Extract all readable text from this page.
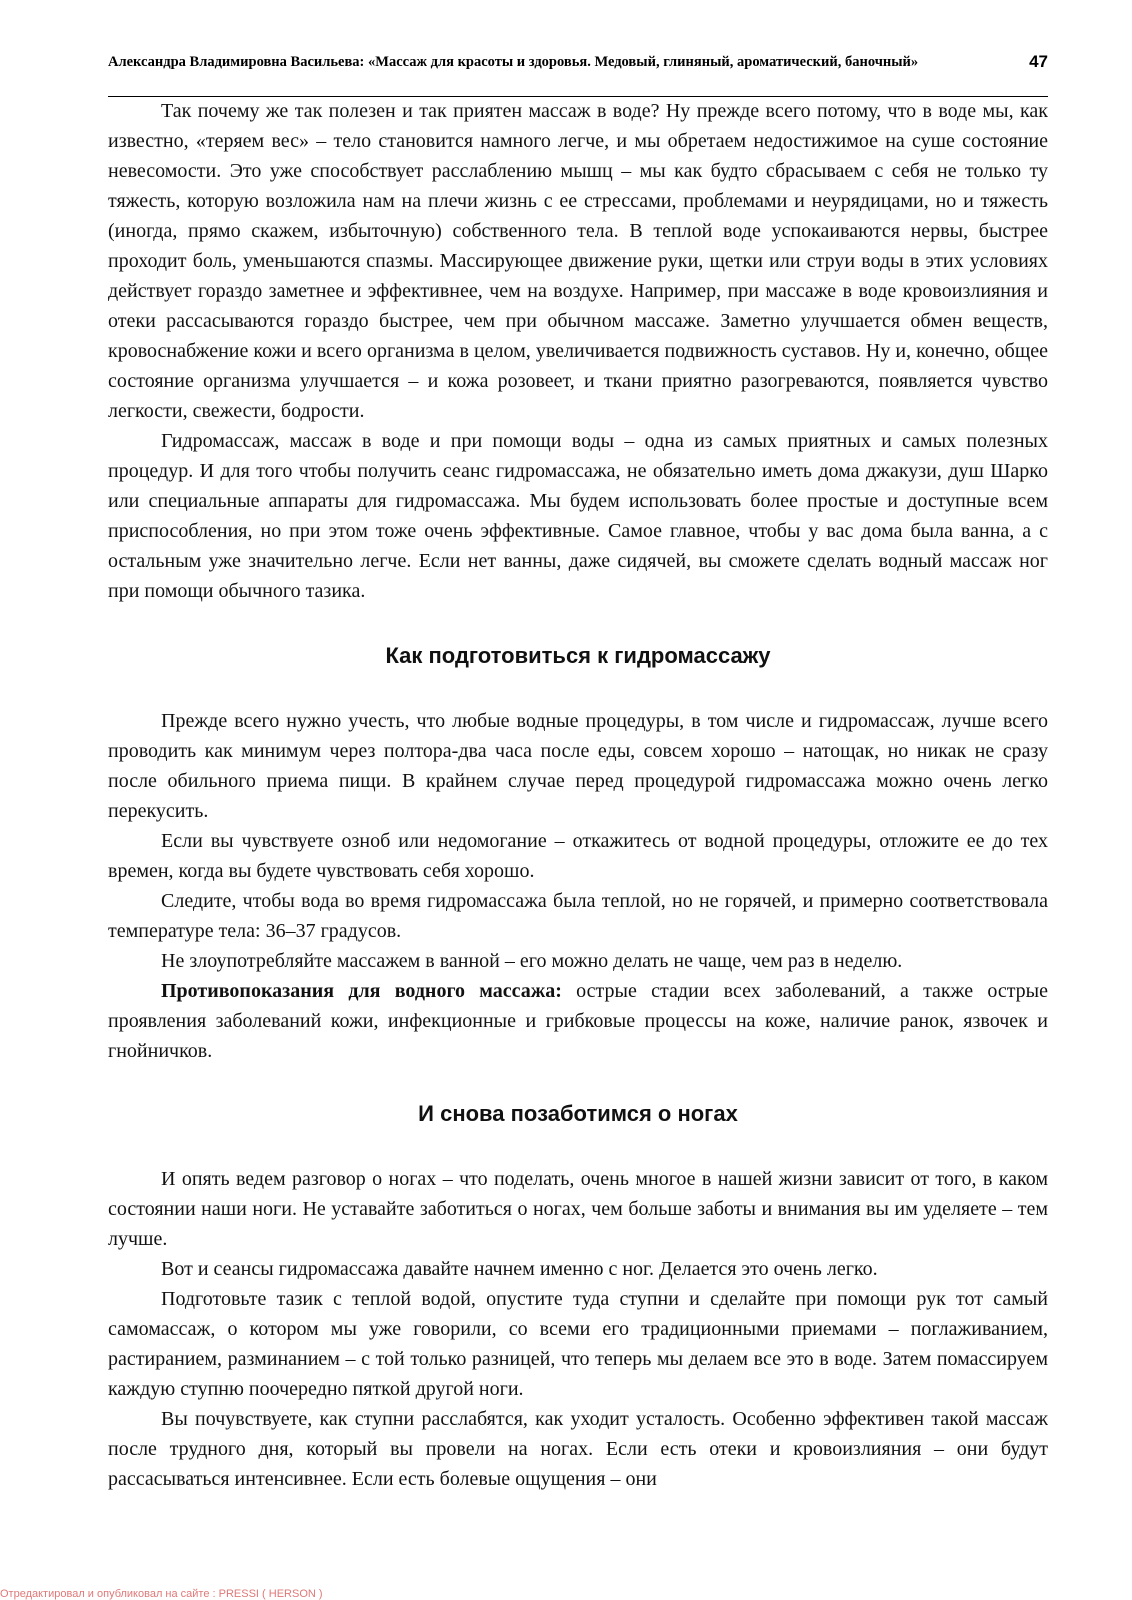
Александра Владимировна Васильева: «Массаж для красоты и здоровья. Медовый, глиняный, ароматический, баночный»	47

Так почему же так полезен и так приятен массаж в воде? Ну прежде всего потому, что в воде мы, как известно, «теряем вес» – тело становится намного легче, и мы обретаем недостижимое на суше состояние невесомости. Это уже способствует расслаблению мышц – мы как будто сбрасываем с себя не только ту тяжесть, которую возложила нам на плечи жизнь с ее стрессами, проблемами и неурядицами, но и тяжесть (иногда, прямо скажем, избыточную) собственного тела. В теплой воде успокаиваются нервы, быстрее проходит боль, уменьшаются спазмы. Массирующее движение руки, щетки или струи воды в этих условиях действует гораздо заметнее и эффективнее, чем на воздухе. Например, при массаже в воде кровоизлияния и отеки рассасываются гораздо быстрее, чем при обычном массаже. Заметно улучшается обмен веществ, кровоснабжение кожи и всего организма в целом, увеличивается подвижность суставов. Ну и, конечно, общее состояние организма улучшается – и кожа розовеет, и ткани приятно разогреваются, появляется чувство легкости, свежести, бодрости.

Гидромассаж, массаж в воде и при помощи воды – одна из самых приятных и самых полезных процедур. И для того чтобы получить сеанс гидромассажа, не обязательно иметь дома джакузи, душ Шарко или специальные аппараты для гидромассажа. Мы будем использовать более простые и доступные всем приспособления, но при этом тоже очень эффективные. Самое главное, чтобы у вас дома была ванна, а с остальным уже значительно легче. Если нет ванны, даже сидячей, вы сможете сделать водный массаж ног при помощи обычного тазика.

Как подготовиться к гидромассажу

Прежде всего нужно учесть, что любые водные процедуры, в том числе и гидромассаж, лучше всего проводить как минимум через полтора-два часа после еды, совсем хорошо – натощак, но никак не сразу после обильного приема пищи. В крайнем случае перед процедурой гидромассажа можно очень легко перекусить.

Если вы чувствуете озноб или недомогание – откажитесь от водной процедуры, отложите ее до тех времен, когда вы будете чувствовать себя хорошо.

Следите, чтобы вода во время гидромассажа была теплой, но не горячей, и примерно соответствовала температуре тела: 36–37 градусов.

Не злоупотребляйте массажем в ванной – его можно делать не чаще, чем раз в неделю.

Противопоказания для водного массажа: острые стадии всех заболеваний, а также острые проявления заболеваний кожи, инфекционные и грибковые процессы на коже, наличие ранок, язвочек и гнойничков.

И снова позаботимся о ногах

И опять ведем разговор о ногах – что поделать, очень многое в нашей жизни зависит от того, в каком состоянии наши ноги. Не уставайте заботиться о ногах, чем больше заботы и внимания вы им уделяете – тем лучше.

Вот и сеансы гидромассажа давайте начнем именно с ног. Делается это очень легко.

Подготовьте тазик с теплой водой, опустите туда ступни и сделайте при помощи рук тот самый самомассаж, о котором мы уже говорили, со всеми его традиционными приемами – поглаживанием, растиранием, разминанием – с той только разницей, что теперь мы делаем все это в воде. Затем помассируем каждую ступню поочередно пяткой другой ноги.

Вы почувствуете, как ступни расслабятся, как уходит усталость. Особенно эффективен такой массаж после трудного дня, который вы провели на ногах. Если есть отеки и кровоизлияния – они будут рассасываться интенсивнее. Если есть болевые ощущения – они

Отредактировал и опубликовал на сайте : PRESSI ( HERSON )
